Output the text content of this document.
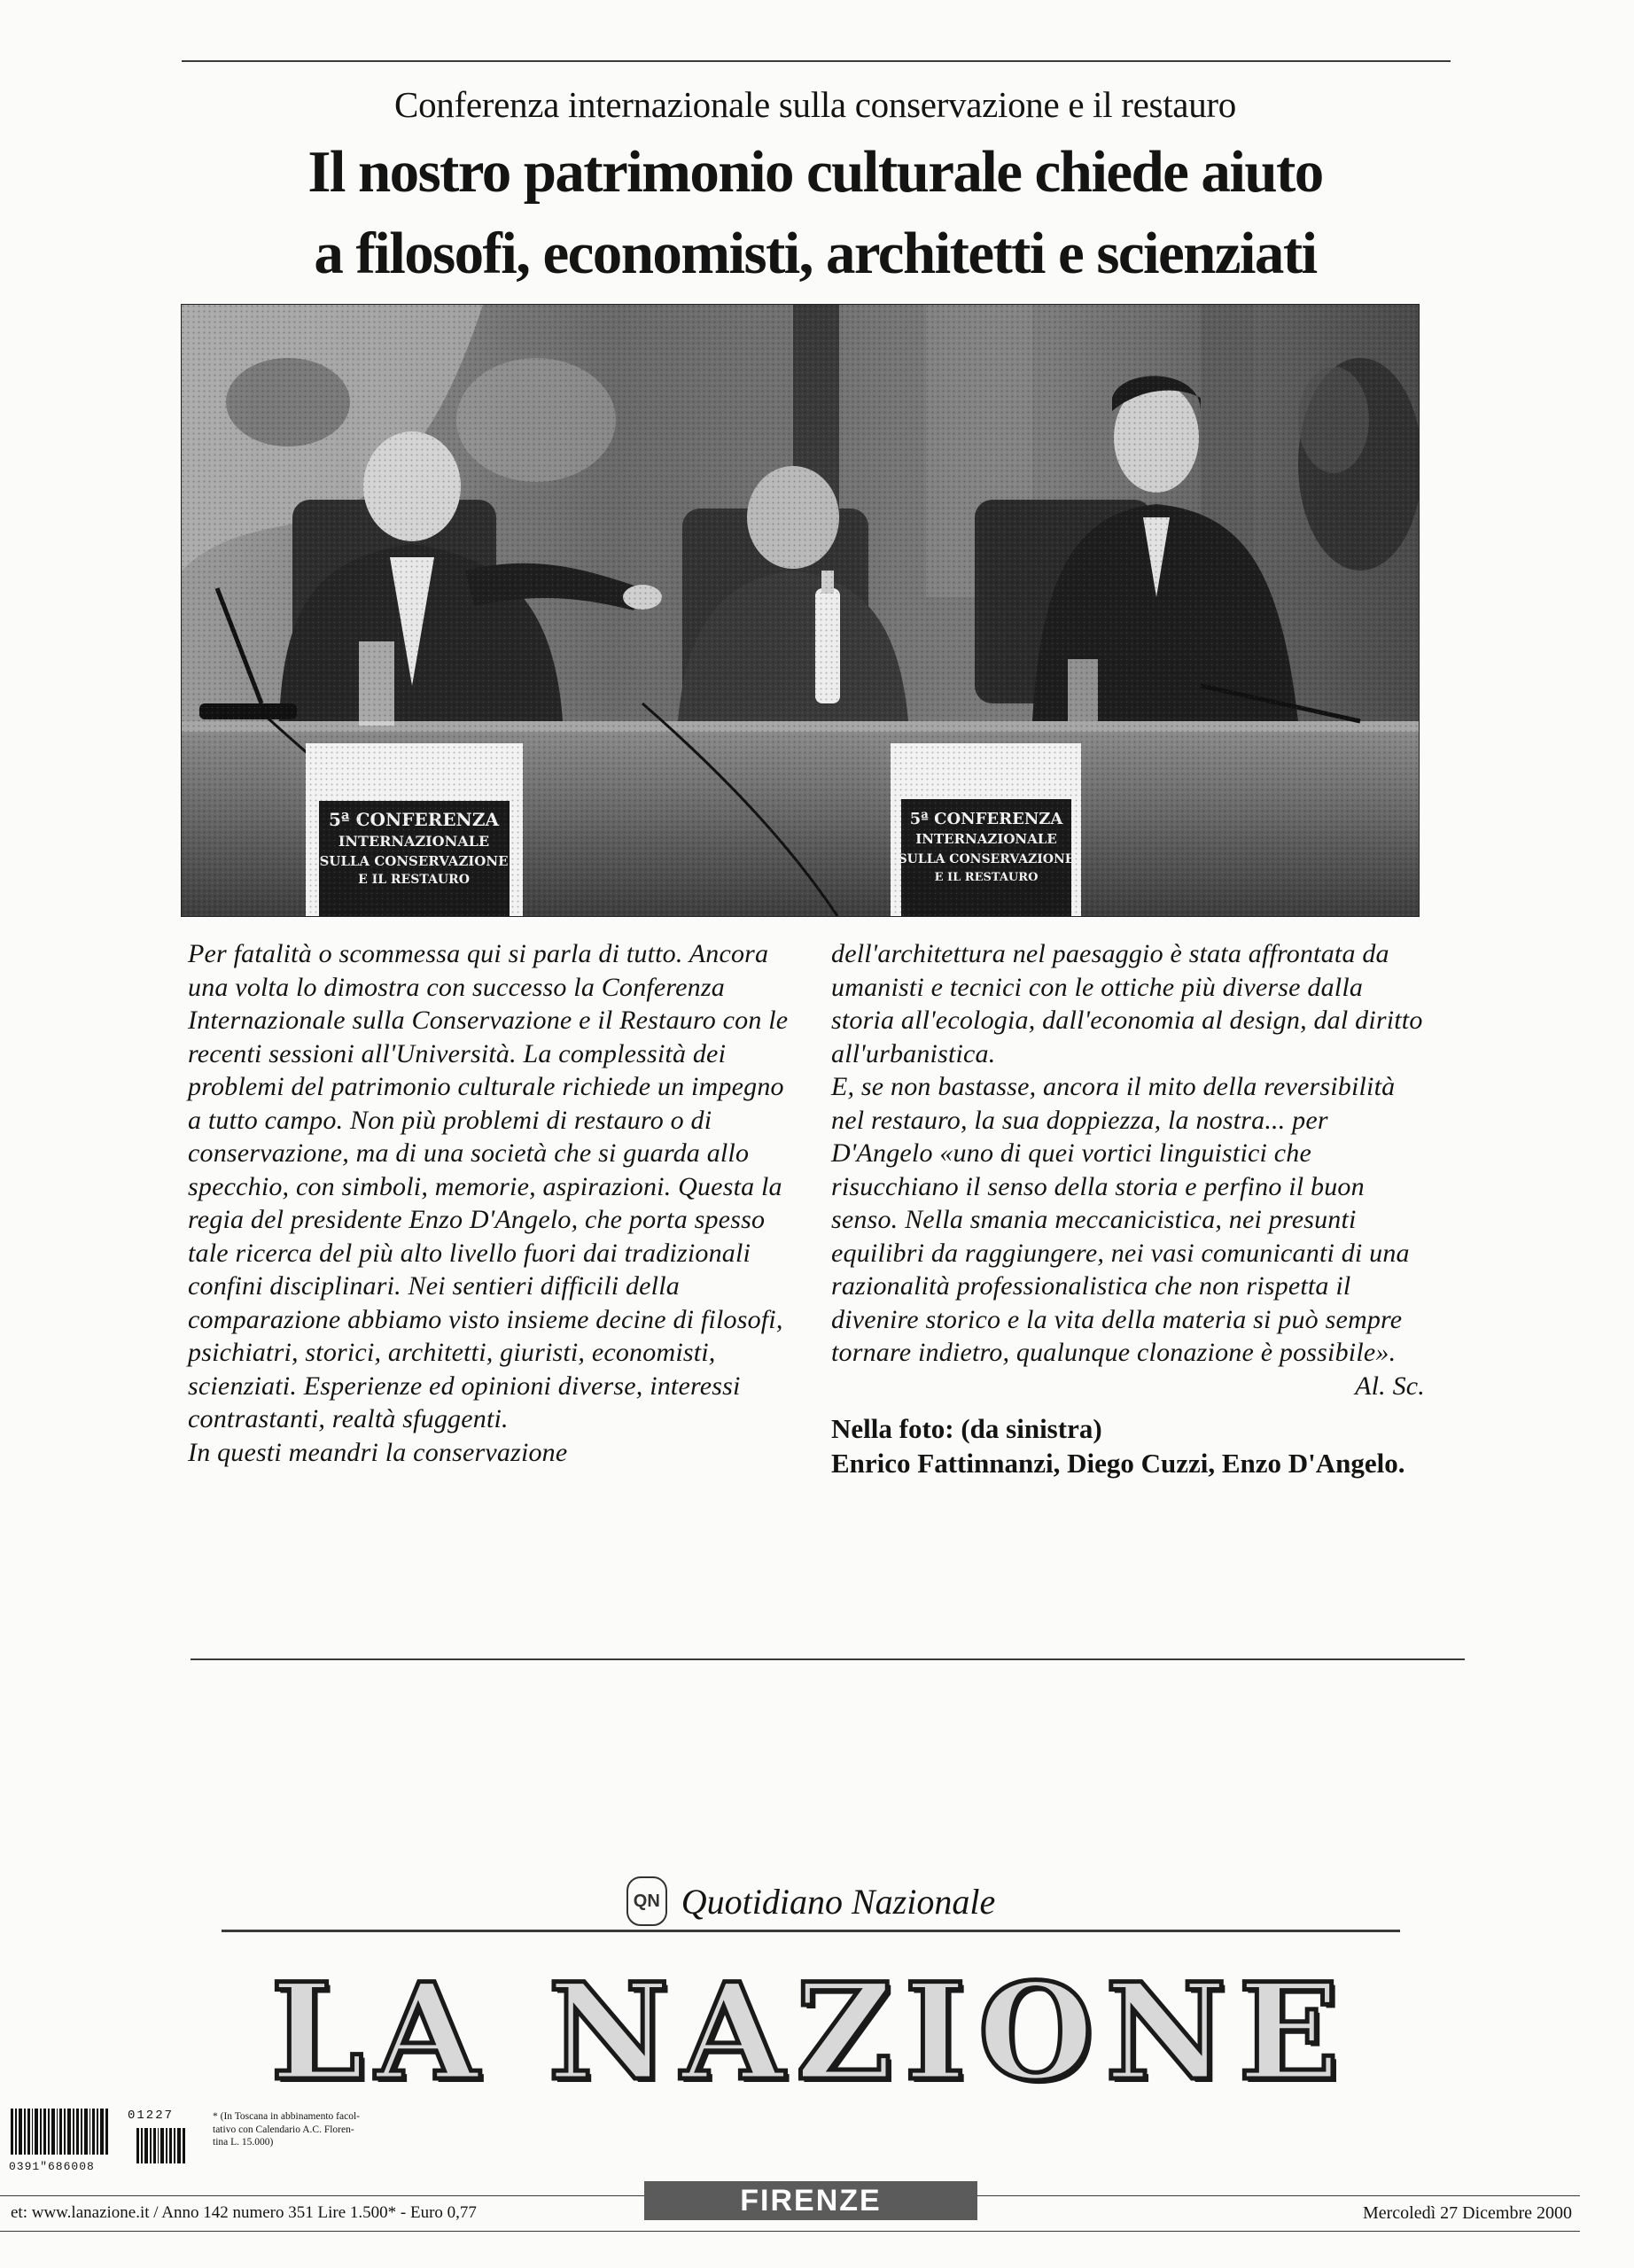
Conferenza internazionale sulla conservazione e il restauro
Il nostro patrimonio culturale chiede aiuto
a filosofi, economisti, architetti e scienziati

Per fatalità o scommessa qui si parla di tutto. Ancora una volta lo dimostra con successo la Conferenza Internazionale sulla Conservazione e il Restauro con le recenti sessioni all'Università. La complessità dei problemi del patrimonio culturale richiede un impegno a tutto campo. Non più problemi di restauro o di conservazione, ma di una società che si guarda allo specchio, con simboli, memorie, aspirazioni. Questa la regia del presidente Enzo D'Angelo, che porta spesso tale ricerca del più alto livello fuori dai tradizionali confini disciplinari. Nei sentieri difficili della comparazione abbiamo visto insieme decine di filosofi, psichiatri, storici, architetti, giuristi, economisti, scienziati. Esperienze ed opinioni diverse, interessi contrastanti, realtà sfuggenti.

In questi meandri la conservazione

dell'architettura nel paesaggio è stata affrontata da umanisti e tecnici con le ottiche più diverse dalla storia all'ecologia, dall'economia al design, dal diritto all'urbanistica.

E, se non bastasse, ancora il mito della reversibilità nel restauro, la sua doppiezza, la nostra... per D'Angelo «uno di quei vortici linguistici che risucchiano il senso della storia e perfino il buon senso. Nella smania meccanicistica, nei presunti equilibri da raggiungere, nei vasi comunicanti di una razionalità professionalistica che non rispetta il divenire storico e la vita della materia si può sempre tornare indietro, qualunque clonazione è possibile».

Al. Sc.

Nella foto: (da sinistra)
Enrico Fattinnanzi, Diego Cuzzi, Enzo D'Angelo.
QN Quotidiano Nazionale
LA NAZIONE
0391"686008
01227	* (In Toscana in abbinamento facol-
tativo con Calendario A.C. Floren-
tina L. 15.000)
et: www.lanazione.it / Anno 142 numero 351 Lire 1.500* - Euro 0,77	FIRENZE	Mercoledì 27 Dicembre 2000
